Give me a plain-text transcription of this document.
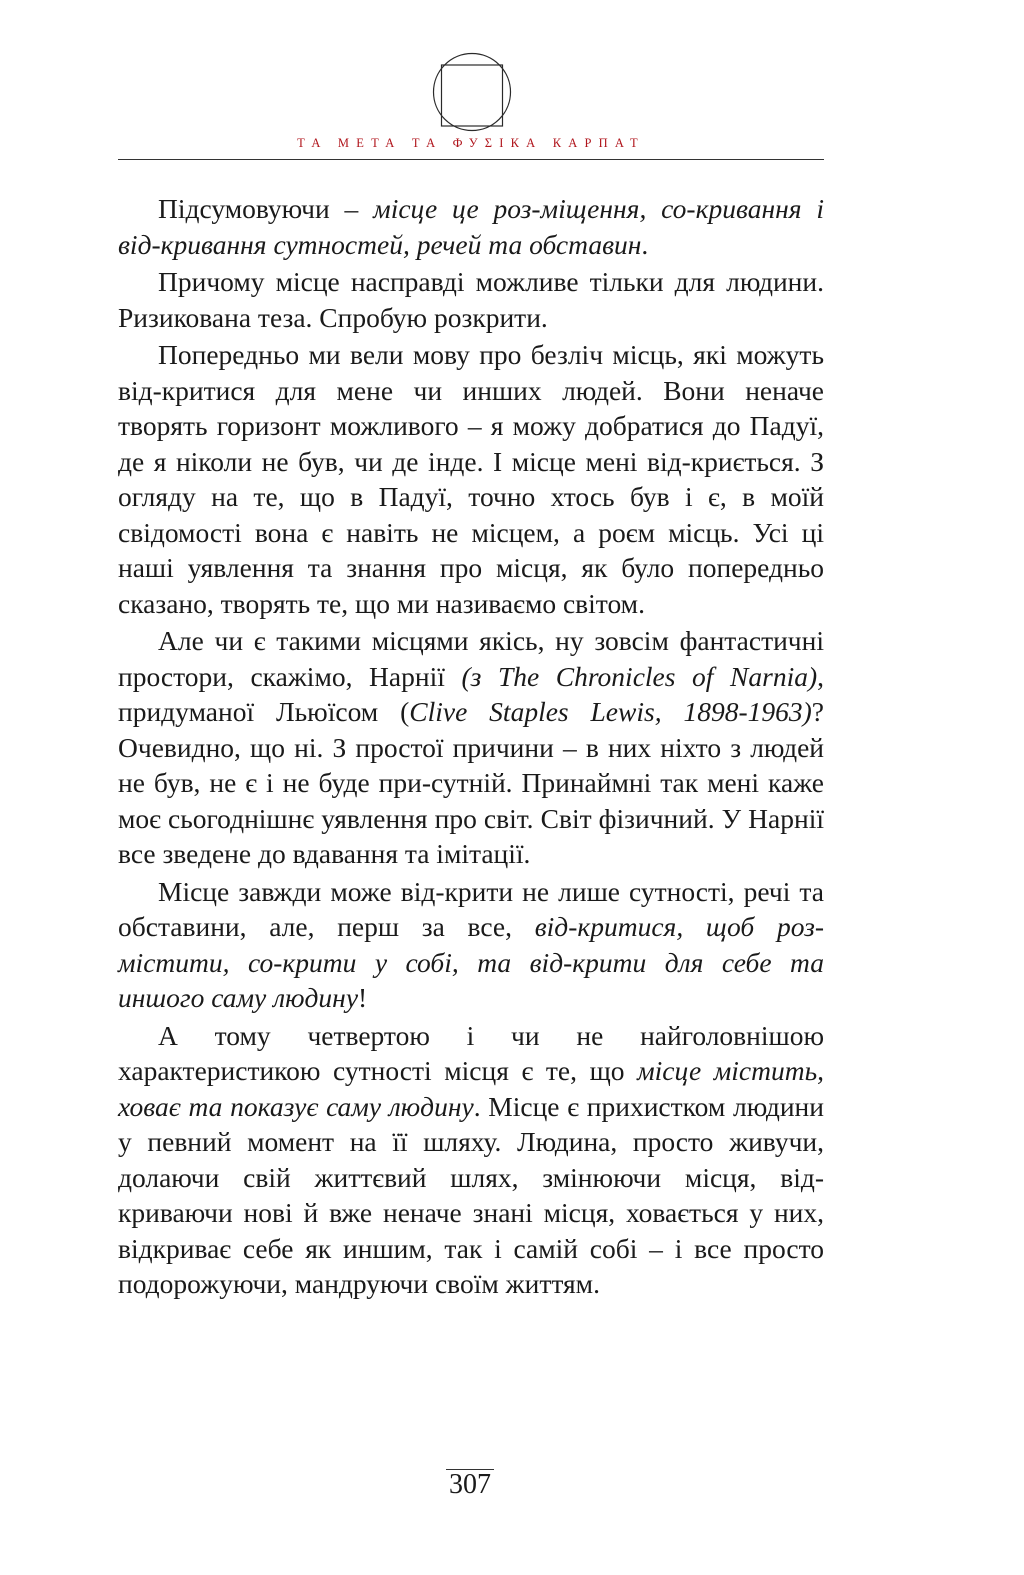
ТА МЕТА ТА ФУΣІКА КАРПАТ

Підсумовуючи – місце це роз-міщення, со-кривання і від-кривання сутностей, речей та обставин.

Причому місце насправді можливе тільки для людини. Ризикована теза. Спробую розкрити.

Попередньо ми вели мову про безліч місць, які можуть від-критися для мене чи инших людей. Вони неначе творять горизонт можливого – я можу добратися до Падуї, де я ніколи не був, чи де інде. І місце мені від-криється. З огляду на те, що в Падуї, точно хтось був і є, в моїй свідомості вона є навіть не місцем, а роєм місць. Усі ці наші уявлення та знання про місця, як було попередньо сказано, творять те, що ми називаємо світом.

Але чи є такими місцями якісь, ну зовсім фантастичні простори, скажімо, Нарнії (з The Chronicles of Narnia), придуманої Льюїсом (Clive Staples Lewis, 1898-1963)? Очевидно, що ні. З простої причини – в них ніхто з людей не був, не є і не буде при-сутній. Принаймні так мені каже моє сьогоднішнє уявлення про світ. Світ фізичний. У Нарнії все зведене до вдавання та імітації.

Місце завжди може від-крити не лише сутності, речі та обставини, але, перш за все, від-критися, щоб роз-містити, со-крити у собі, та від-крити для себе та иншого саму людину!

А тому четвертою і чи не найголовнішою характеристикою сутності місця є те, що місце містить, ховає та показує саму людину. Місце є прихистком людини у певний момент на її шляху. Людина, просто живучи, долаючи свій життєвий шлях, змінюючи місця, від-криваючи нові й вже неначе знані місця, ховається у них, відкриває себе як иншим, так і самій собі – і все просто подорожуючи, мандруючи своїм життям.

307
